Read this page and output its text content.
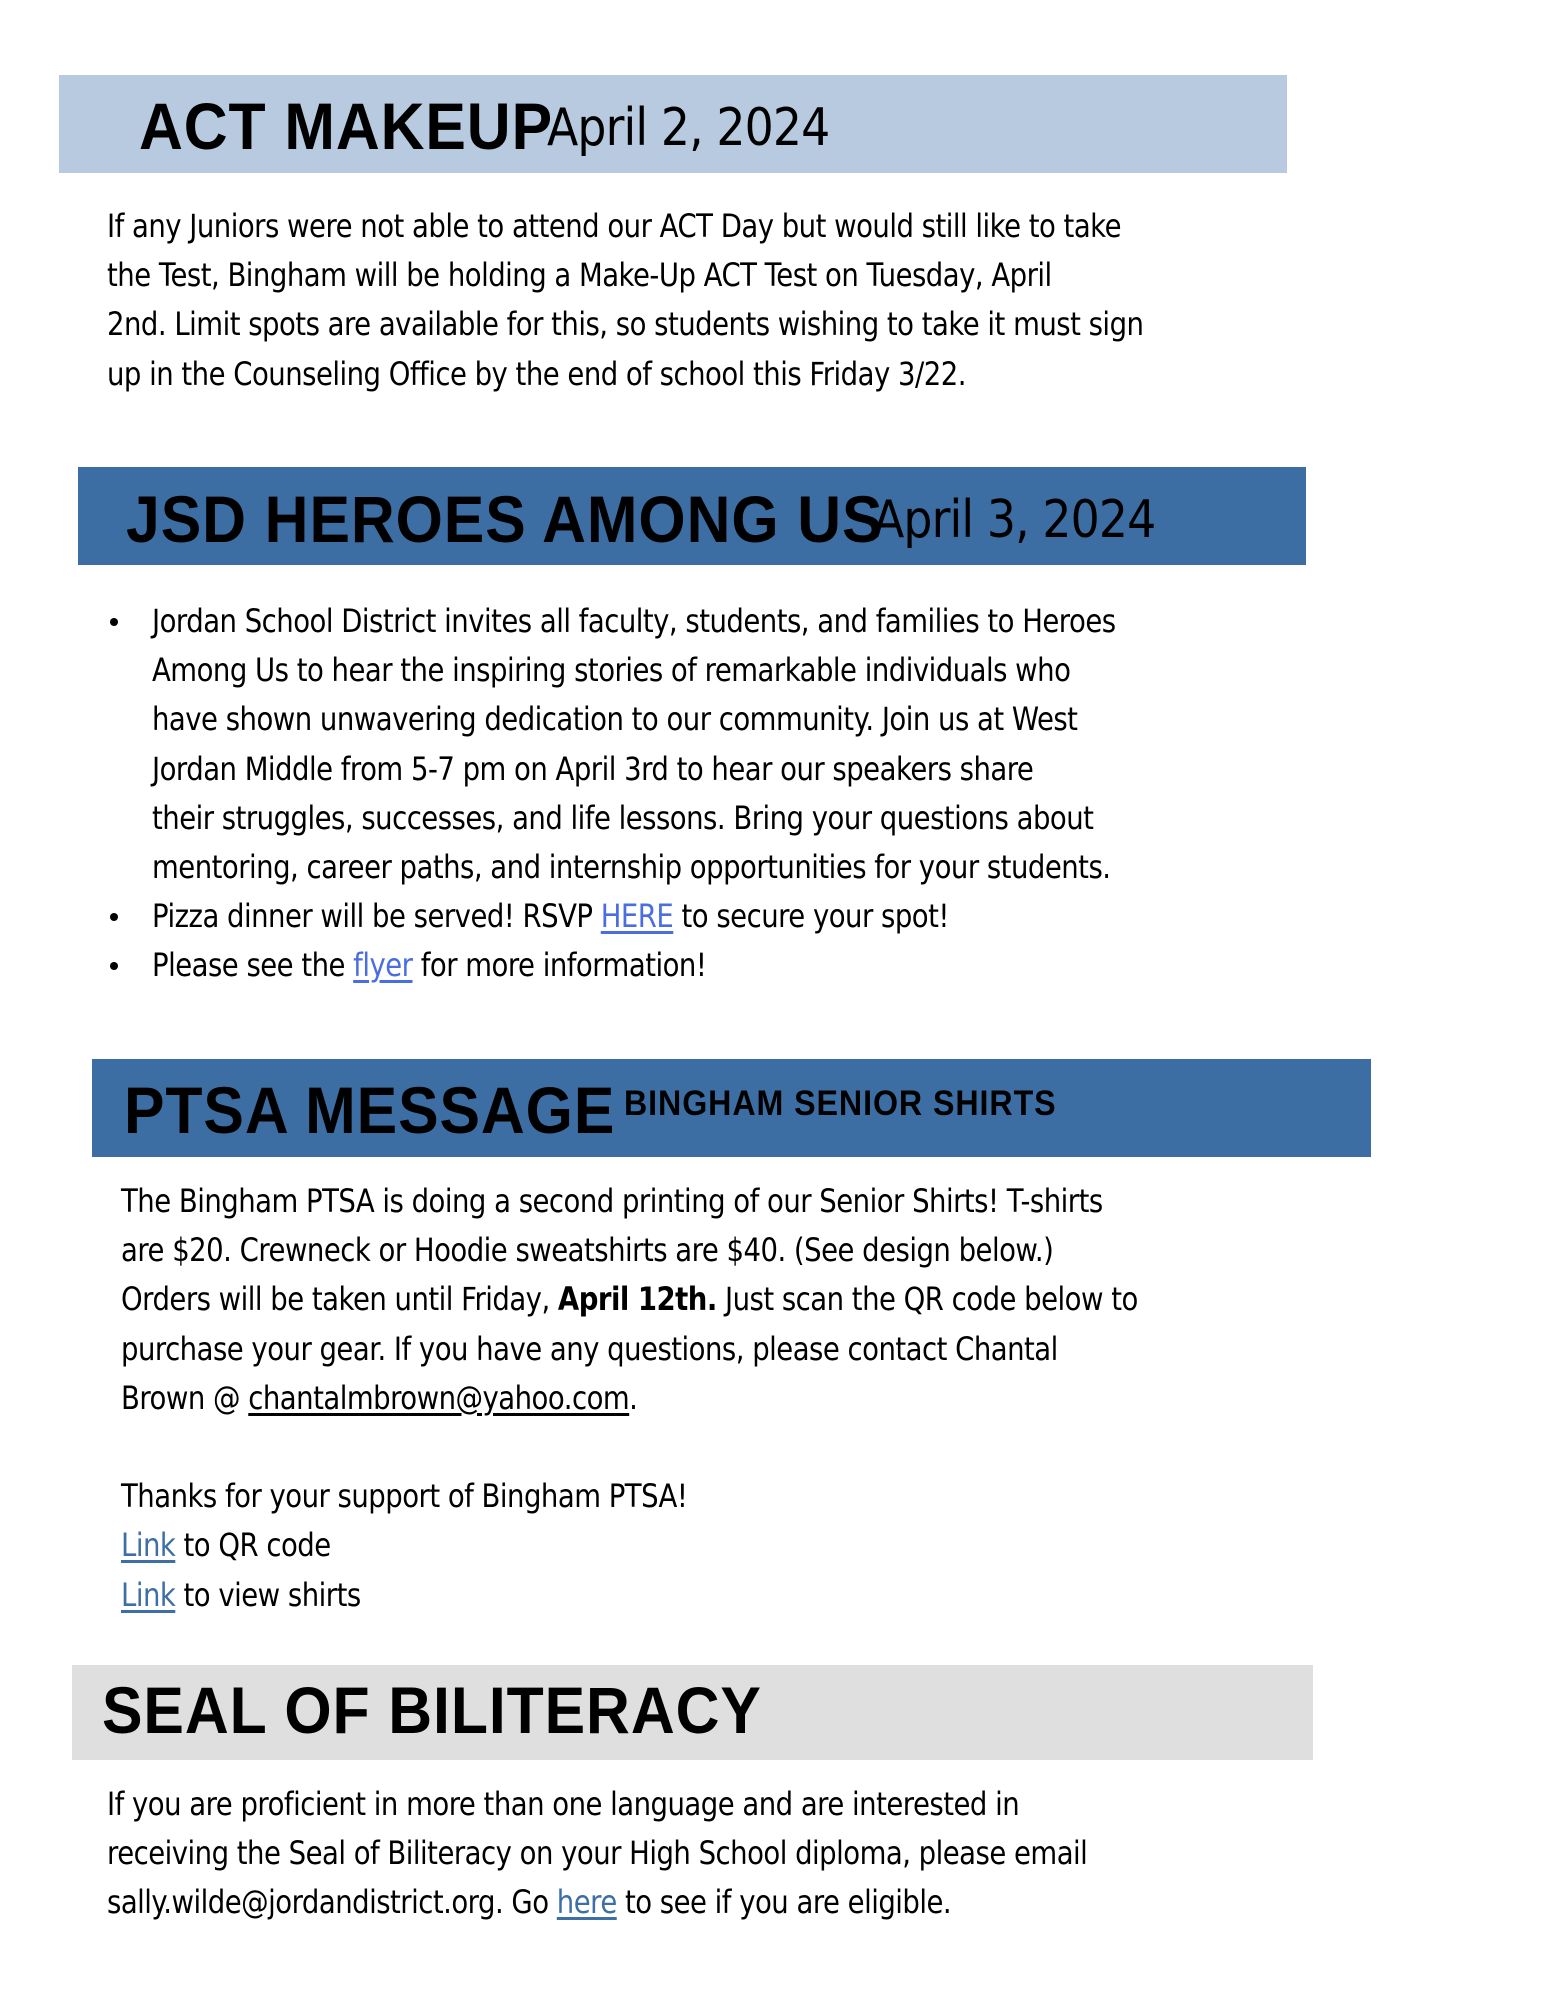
ACT MAKEUP
April 2, 2024
If any Juniors were not able to attend our ACT Day but would still like to take
the Test, Bingham will be holding a Make-Up ACT Test on Tuesday, April
2nd. Limit spots are available for this, so students wishing to take it must sign
up in the Counseling Office by the end of school this Friday 3/22.
JSD HEROES AMONG US
April 3, 2024
Jordan School District invites all faculty, students, and families to Heroes
Among Us to hear the inspiring stories of remarkable individuals who
have shown unwavering dedication to our community. Join us at West
Jordan Middle from 5-7 pm on April 3rd to hear our speakers share
their struggles, successes, and life lessons. Bring your questions about
mentoring, career paths, and internship opportunities for your students.
Pizza dinner will be served! RSVP HERE to secure your spot!
Please see the flyer for more information!
PTSA MESSAGE BINGHAM SENIOR SHIRTS
The Bingham PTSA is doing a second printing of our Senior Shirts! T-shirts
are $20. Crewneck or Hoodie sweatshirts are $40. (See design below.)
Orders will be taken until Friday, April 12th. Just scan the QR code below to
purchase your gear. If you have any questions, please contact Chantal
Brown @ chantalmbrown@yahoo.com.
Thanks for your support of Bingham PTSA!
Link to QR code
Link to view shirts
SEAL OF BILITERACY
If you are proficient in more than one language and are interested in
receiving the Seal of Biliteracy on your High School diploma, please email
sally.wilde@jordandistrict.org. Go here to see if you are eligible.
